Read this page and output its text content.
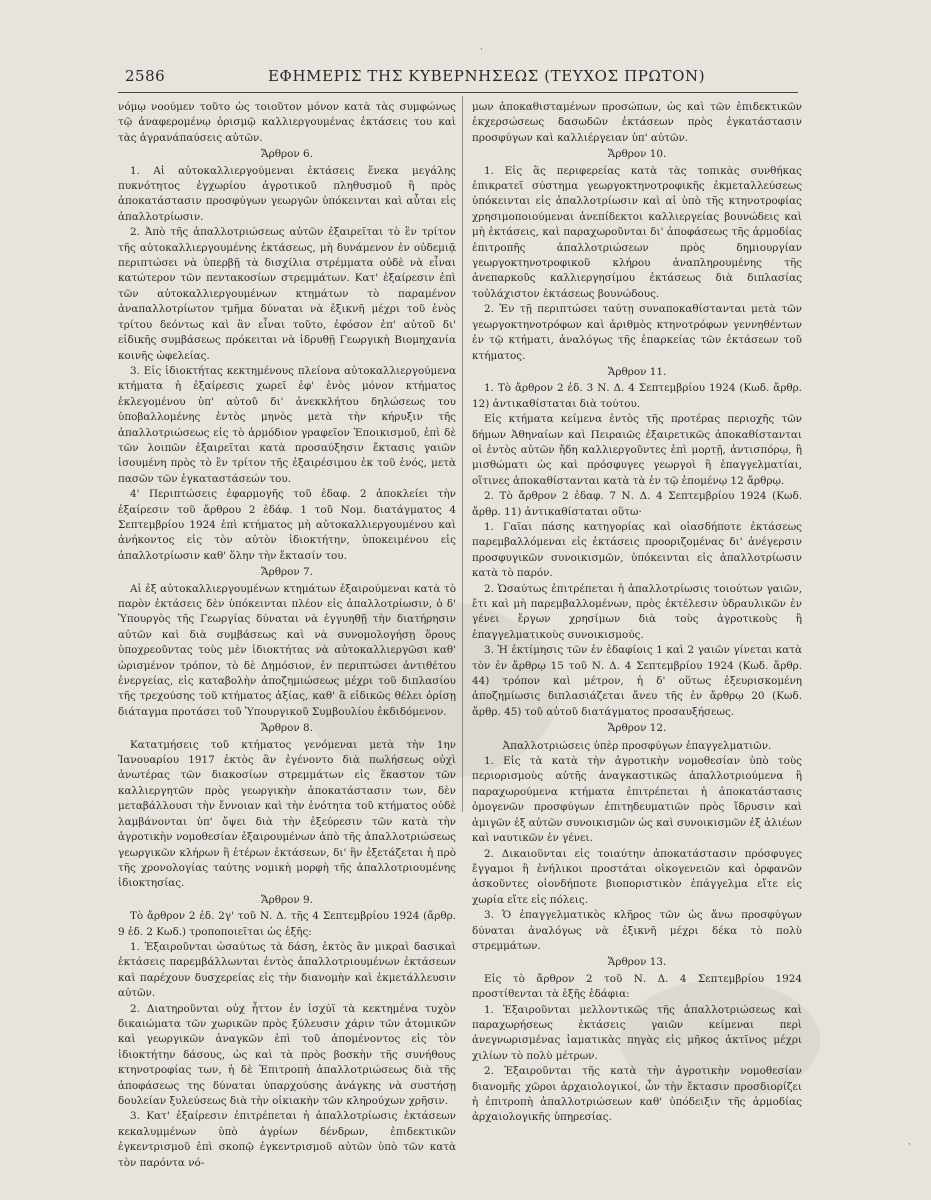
2586	ΕΦΗΜΕΡΙΣ ΤΗΣ ΚΥΒΕΡΝΗΣΕΩΣ (ΤΕΥΧΟΣ ΠΡΩΤΟΝ)

νόμῳ νοούμεν τοῦτο ὡς τοιοῦτον μόνον κατὰ τὰς συμφώνως τῷ ἀναφερομένῳ ὁρισμῷ καλλιεργουμένας ἐκτάσεις του καὶ τὰς ἀγρανάπαύσεις αὐτῶν.

Ἄρθρον 6.

1. Αἱ αὐτοκαλλιεργούμεναι ἐκτάσεις ἕνεκα μεγάλης πυκνότητος ἐγχωρίου ἀγροτικοῦ πληθυσμοῦ ἢ πρὸς ἀποκατάστασιν προσφύγων γεωργῶν ὑπόκεινται καὶ αὗται εἰς ἀπαλλοτρίωσιν.

2. Ἀπὸ τῆς ἀπαλλοτριώσεως αὐτῶν ἐξαιρεῖται τὸ ἓν τρίτον τῆς αὐτοκαλλιεργουμένης ἐκτάσεως, μὴ δυνάμενον ἐν οὐδεμιᾷ περιπτώσει νὰ ὑπερβῇ τὰ δισχίλια στρέμματα οὐδὲ νὰ εἶναι κατώτερον τῶν πεντακοσίων στρεμμάτων. Κατ' ἐξαίρεσιν ἐπὶ τῶν αὐτοκαλλιεργουμένων κτημάτων τὸ παραμένον ἀναπαλλοτρίωτον τμῆμα δύναται νὰ ἐξικνῆ μέχρι τοῦ ἑνὸς τρίτου δεόντως καὶ ἂν εἶναι τοῦτο, ἐφόσον ἐπ' αὐτοῦ δι' εἰδικῆς συμβάσεως πρόκειται νὰ ἱδρυθῇ Γεωργικὴ Βιομηχανία κοινῆς ὠφελείας.

3. Εἰς ἰδιοκτήτας κεκτημένους πλείονα αὐτοκαλλιεργούμενα κτήματα ἡ ἐξαίρεσις χωρεῖ ἐφ' ἑνὸς μόνον κτήματος ἐκλεγομένου ὑπ' αὐτοῦ δι' ἀνεκκλήτου δηλώσεως του ὑποβαλλομένης ἐντὸς μηνὸς μετὰ τὴν κήρυξιν τῆς ἀπαλλοτριώσεως εἰς τὸ ἁρμόδιον γραφεῖον Ἐποικισμοῦ, ἐπὶ δὲ τῶν λοιπῶν ἐξαιρεῖται κατὰ προσαύξησιν ἔκτασις γαιῶν ἰσουμένη πρὸς τὸ ἓν τρίτον τῆς ἐξαιρέσιμου ἐκ τοῦ ἑνός, μετὰ πασῶν τῶν ἐγκαταστάσεών του.

4' Περιπτώσεις ἐφαρμογῆς τοῦ ἐδαφ. 2 ἀποκλείει τὴν ἐξαίρεσιν τοῦ ἄρθρου 2 ἐδάφ. 1 τοῦ Νομ. διατάγματος 4 Σεπτεμβρίου 1924 ἐπὶ κτήματος μὴ αὐτοκαλλιεργουμένου καὶ ἀνήκοντος εἰς τὸν αὐτὸν ἰδιοκτήτην, ὑποκειμένου εἰς ἀπαλλοτρίωσιν καθ' ὅλην τὴν ἔκτασίν του.

Ἄρθρον 7.

Αἱ ἐξ αὐτοκαλλιεργουμένων κτημάτων ἐξαιρούμεναι κατὰ τὸ παρὸν ἐκτάσεις δὲν ὑπόκεινται πλέον εἰς ἀπαλλοτρίωσιν, ὁ δ' Ὑπουργὸς τῆς Γεωργίας δύναται νὰ ἐγγυηθῇ τὴν διατήρησιν αὐτῶν καὶ διὰ συμβάσεως καὶ νὰ συνομολογήσῃ ὅρους ὑποχρεοῦντας τοὺς μὲν ἰδιοκτήτας νὰ αὐτοκαλλιεργῶσι καθ' ὡρισμένον τρόπον, τὸ δὲ Δημόσιον, ἐν περιπτώσει ἀντιθέτου ἐνεργείας, εἰς καταβολὴν ἀποζημιώσεως μέχρι τοῦ διπλασίου τῆς τρεχούσης τοῦ κτήματος ἀξίας, καθ' ἃ εἰδικῶς θέλει ὁρίσῃ διάταγμα προτάσει τοῦ Ὑπουργικοῦ Συμβουλίου ἐκδιδόμενον.

Ἄρθρον 8.

Κατατμήσεις τοῦ κτήματος γενόμεναι μετὰ τὴν 1ην Ἰανουαρίου 1917 ἐκτὸς ἂν ἐγένοντο διὰ πωλήσεως οὐχὶ ἀνωτέρας τῶν διακοσίων στρεμμάτων εἰς ἕκαστον τῶν καλλιεργητῶν πρὸς γεωργικὴν ἀποκατάστασιν των, δὲν μεταβάλλουσι τὴν ἔννοιαν καὶ τὴν ἑνότητα τοῦ κτήματος οὐδὲ λαμβάνονται ὑπ' ὄψει διὰ τὴν ἐξεύρεσιν τῶν κατὰ τὴν ἀγροτικὴν νομοθεσίαν ἐξαιρουμένων ἀπὸ τῆς ἀπαλλοτριώσεως γεωργικῶν κλήρων ἢ ἑτέρων ἐκτάσεων, δι' ἣν ἐξετάζεται ἡ πρὸ τῆς χρονολογίας ταύτης νομικὴ μορφὴ τῆς ἀπαλλοτριουμένης ἰδιοκτησίας.

Ἄρθρον 9.

Τὸ ἄρθρον 2 ἐδ. 2γ' τοῦ Ν. Δ. τῆς 4 Σεπτεμβρίου 1924 (ἄρθρ. 9 ἐδ. 2 Κωδ.) τροποποιεῖται ὡς ἑξῆς:

1. Ἐξαιροῦνται ὡσαύτως τὰ δάση, ἐκτὸς ἂν μικραὶ δασικαὶ ἐκτάσεις παρεμβάλλωνται ἐντὸς ἀπαλλοτριουμένων ἐκτάσεων καὶ παρέχουν δυσχερείας εἰς τὴν διανομὴν καὶ ἐκμετάλλευσιν αὐτῶν.

2. Διατηροῦνται οὐχ ἧττον ἐν ἰσχύϊ τὰ κεκτημένα τυχὸν δικαιώματα τῶν χωρικῶν πρὸς ξύλευσιν χάριν τῶν ἀτομικῶν καὶ γεωργικῶν ἀναγκῶν ἐπὶ τοῦ ἀπομένοντος εἰς τὸν ἰδιοκτήτην δάσους, ὡς καὶ τὰ πρὸς βοσκὴν τῆς συνήθους κτηνοτροφίας των, ἡ δὲ Ἐπιτροπὴ ἀπαλλοτριώσεως διὰ τῆς ἀποφάσεως της δύναται ὑπαρχούσης ἀνάγκης νὰ συστήσῃ δουλείαν ξυλεύσεως διὰ τὴν οἰκιακὴν τῶν κληρούχων χρῆσιν.

3. Κατ' ἐξαίρεσιν ἐπιτρέπεται ἡ ἀπαλλοτρίωσις ἐκτάσεων κεκαλυμμένων ὑπὸ ἀγρίων δένδρων, ἐπιδεκτικῶν ἐγκεντρισμοῦ ἐπὶ σκοπῷ ἐγκεντρισμοῦ αὐτῶν ὑπὸ τῶν κατὰ τὸν παρόντα νό-

μων ἀποκαθισταμένων προσώπων, ὡς καὶ τῶν ἐπιδεκτικῶν ἐκχερσώσεως δασωδῶν ἐκτάσεων πρὸς ἐγκατάστασιν προσφύγων καὶ καλλιέργειαν ὑπ' αὐτῶν.

Ἄρθρον 10.

1. Εἰς ἃς περιφερείας κατὰ τὰς τοπικὰς συνθήκας ἐπικρατεῖ σύστημα γεωργοκτηνοτροφικῆς ἐκμεταλλεύσεως ὑπόκεινται εἰς ἀπαλλοτρίωσιν καὶ αἱ ὑπὸ τῆς κτηνοτροφίας χρησιμοποιούμεναι ἀνεπίδεκτοι καλλιεργείας βουνώδεις καὶ μὴ ἐκτάσεις, καὶ παραχωροῦνται δι' ἀποφάσεως τῆς ἁρμοδίας ἐπιτροπῆς ἀπαλλοτριώσεων πρὸς δημιουργίαν γεωργοκτηνοτροφικοῦ κλήρου ἀναπληρουμένης τῆς ἀνεπαρκοῦς καλλιεργησίμου ἐκτάσεως διὰ διπλασίας τοὐλάχιστον ἐκτάσεως βουνώδους.

2. Ἐν τῇ περιπτώσει ταύτῃ συναποκαθίστανται μετὰ τῶν γεωργοκτηνοτρόφων καὶ ἀριθμὸς κτηνοτρόφων γεννηθέντων ἐν τῷ κτήματι, ἀναλόγως τῆς ἐπαρκείας τῶν ἐκτάσεων τοῦ κτήματος.

Ἄρθρον 11.

1. Τὸ ἄρθρον 2 ἐδ. 3 Ν. Δ. 4 Σεπτεμβρίου 1924 (Κωδ. ἄρθρ. 12) ἀντικαθίσταται διὰ τούτου.

Εἰς κτήματα κείμενα ἐντὸς τῆς προτέρας περιοχῆς τῶν δήμων Ἀθηναίων καὶ Πειραιῶς ἐξαιρετικῶς ἀποκαθίστανται οἱ ἐντὸς αὐτῶν ἤδη καλλιεργοῦντες ἐπὶ μορτῇ, ἀντισπόρῳ, ἢ μισθώματι ὡς καὶ πρόσφυγες γεωργοὶ ἢ ἐπαγγελματίαι, οἵτινες ἀποκαθίστανται κατὰ τὰ ἐν τῷ ἑπομένῳ 12 ἄρθρῳ.

2. Τὸ ἄρθρον 2 ἐδαφ. 7 Ν. Δ. 4 Σεπτεμβρίου 1924 (Κωδ. ἄρθρ. 11) ἀντικαθίσταται οὕτω·

1. Γαῖαι πάσης κατηγορίας καὶ οἱασδήποτε ἐκτάσεως παρεμβαλλόμεναι εἰς ἐκτάσεις προοριζομένας δι' ἀνέγερσιν προσφυγικῶν συνοικισμῶν, ὑπόκεινται εἰς ἀπαλλοτρίωσιν κατὰ τὸ παρόν.

2. Ὡσαύτως ἐπιτρέπεται ἡ ἀπαλλοτρίωσις τοιούτων γαιῶν, ἔτι καὶ μὴ παρεμβαλλομένων, πρὸς ἐκτέλεσιν ὑδραυλικῶν ἐν γένει ἔργων χρησίμων διὰ τοὺς ἀγροτικοὺς ἢ ἐπαγγελματικοὺς συνοικισμούς.

3. Ἡ ἐκτίμησις τῶν ἐν ἐδαφίοις 1 καὶ 2 γαιῶν γίνεται κατὰ τὸν ἐν ἄρθρῳ 15 τοῦ Ν. Δ. 4 Σεπτεμβρίου 1924 (Κωδ. ἄρθρ. 44) τρόπον καὶ μέτρον, ἡ δ' οὕτως ἐξευρισκομένη ἀποζημίωσις διπλασιάζεται ἄνευ τῆς ἐν ἄρθρῳ 20 (Κωδ. ἄρθρ. 45) τοῦ αὐτοῦ διατάγματος προσαυξήσεως.

Ἄρθρον 12.
Ἀπαλλοτριώσεις ὑπὲρ προσφύγων ἐπαγγελματιῶν.

1. Εἰς τὰ κατὰ τὴν ἀγροτικὴν νομοθεσίαν ὑπὸ τοὺς περιορισμοὺς αὐτῆς ἀναγκαστικῶς ἀπαλλοτριούμενα ἢ παραχωρούμενα κτήματα ἐπιτρέπεται ἡ ἀποκατάστασις ὁμογενῶν προσφύγων ἐπιτηδευματιῶν πρὸς ἵδρυσιν καὶ ἀμιγῶν ἐξ αὐτῶν συνοικισμῶν ὡς καὶ συνοικισμῶν ἐξ ἁλιέων καὶ ναυτικῶν ἐν γένει.

2. Δικαιοῦνται εἰς τοιαύτην ἀποκατάστασιν πρόσφυγες ἔγγαμοι ἢ ἐνήλικοι προστάται οἰκογενειῶν καὶ ὀρφανῶν ἀσκοῦντες οἱονδήποτε βιοποριστικὸν ἐπάγγελμα εἴτε εἰς χωρία εἴτε εἰς πόλεις.

3. Ὁ ἐπαγγελματικὸς κλῆρος τῶν ὡς ἄνω προσφύγων δύναται ἀναλόγως νὰ ἐξικνῆ μέχρι δέκα τὸ πολὺ στρεμμάτων.

Ἄρθρον 13.

Εἰς τὸ ἄρθρον 2 τοῦ Ν. Δ. 4 Σεπτεμβρίου 1924 προστίθενται τὰ ἑξῆς ἐδάφια:

1. Ἐξαιροῦνται μελλοντικῶς τῆς ἀπαλλοτριώσεως καὶ παραχωρήσεως ἐκτάσεις γαιῶν κείμεναι περὶ ἀνεγνωρισμένας ἰαματικὰς πηγὰς εἰς μῆκος ἀκτῖνος μέχρι χιλίων τὸ πολὺ μέτρων.

2. Ἐξαιροῦνται τῆς κατὰ τὴν ἀγροτικὴν νομοθεσίαν διανομῆς χῶροι ἀρχαιολογικοί, ὧν τὴν ἔκτασιν προσδιορίζει ἡ ἐπιτροπὴ ἀπαλλοτριώσεων καθ' ὑπόδειξιν τῆς ἁρμοδίας ἀρχαιολογικῆς ὑπηρεσίας.

·
·
